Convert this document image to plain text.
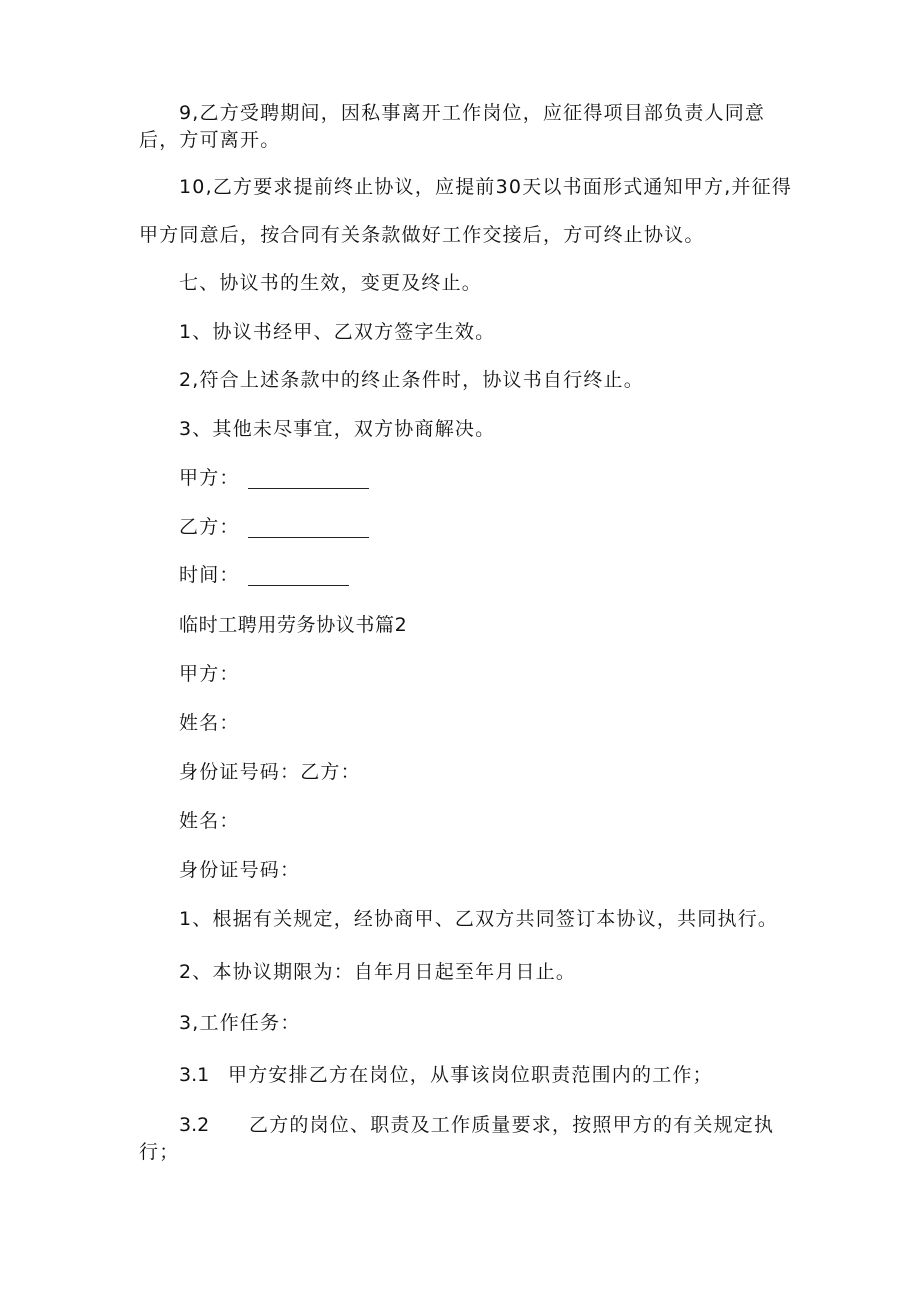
9,乙方受聘期间，因私事离开工作岗位，应征得项目部负责人同意
后，方可离开。
10,乙方要求提前终止协议，应提前30天以书面形式通知甲方,并征得
甲方同意后，按合同有关条款做好工作交接后，方可终止协议。
七、协议书的生效，变更及终止。
1、协议书经甲、乙双方签字生效。
2,符合上述条款中的终止条件时，协议书自行终止。
3、其他未尽事宜，双方协商解决。
甲方：
乙方：
时间：
临时工聘用劳务协议书篇2
甲方：
姓名：
身份证号码：乙方：
姓名：
身份证号码：
1、根据有关规定，经协商甲、乙双方共同签订本协议，共同执行。
2、本协议期限为：自年月日起至年月日止。
3,工作任务：
3.1 甲方安排乙方在岗位，从事该岗位职责范围内的工作；
3.2 乙方的岗位、职责及工作质量要求，按照甲方的有关规定执
行；
